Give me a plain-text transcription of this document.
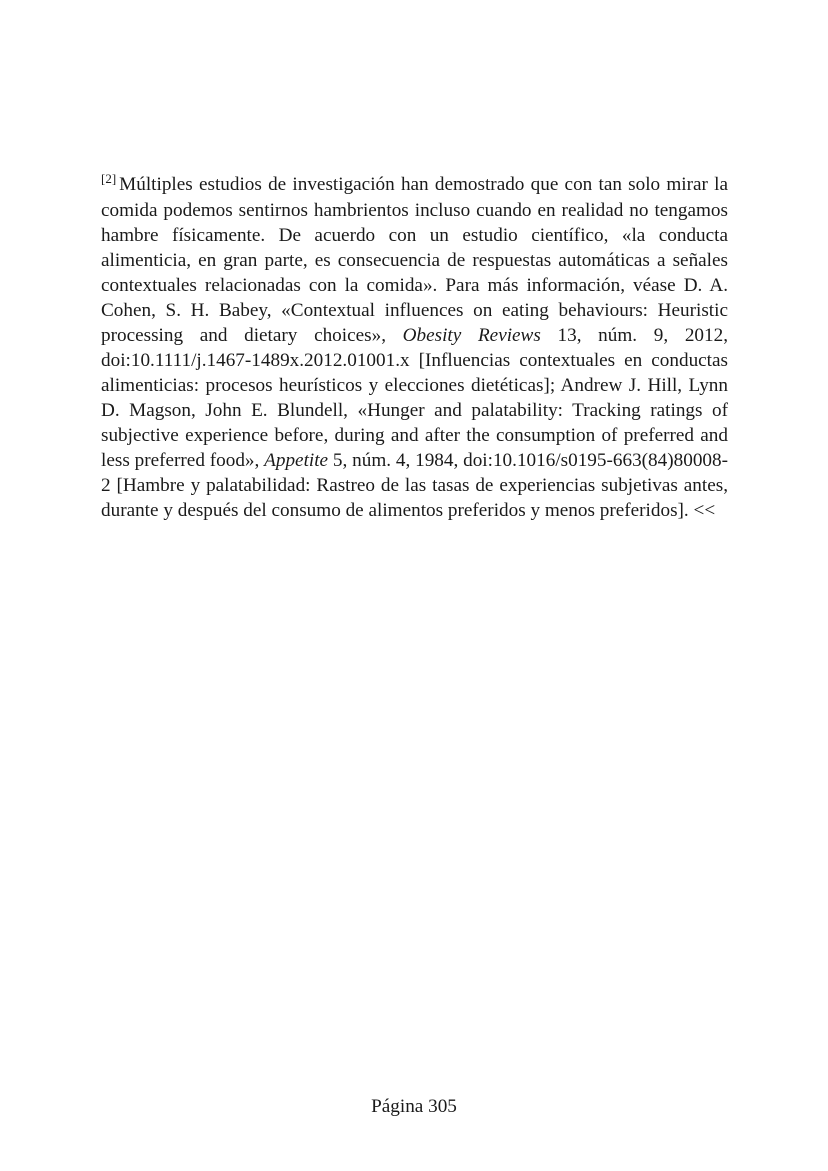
[2] Múltiples estudios de investigación han demostrado que con tan solo mirar la comida podemos sentirnos hambrientos incluso cuando en realidad no tengamos hambre físicamente. De acuerdo con un estudio científico, «la conducta alimenticia, en gran parte, es consecuencia de respuestas automáticas a señales contextuales relacionadas con la comida». Para más información, véase D. A. Cohen, S. H. Babey, «Contextual influences on eating behaviours: Heuristic processing and dietary choices», Obesity Reviews 13, núm. 9, 2012, doi:10.1111/j.1467-1489x.2012.01001.x [Influencias contextuales en conductas alimenticias: procesos heurísticos y elecciones dietéticas]; Andrew J. Hill, Lynn D. Magson, John E. Blundell, «Hunger and palatability: Tracking ratings of subjective experience before, during and after the consumption of preferred and less preferred food», Appetite 5, núm. 4, 1984, doi:10.1016/s0195-663(84)80008-2 [Hambre y palatabilidad: Rastreo de las tasas de experiencias subjetivas antes, durante y después del consumo de alimentos preferidos y menos preferidos]. <<

Página 305
